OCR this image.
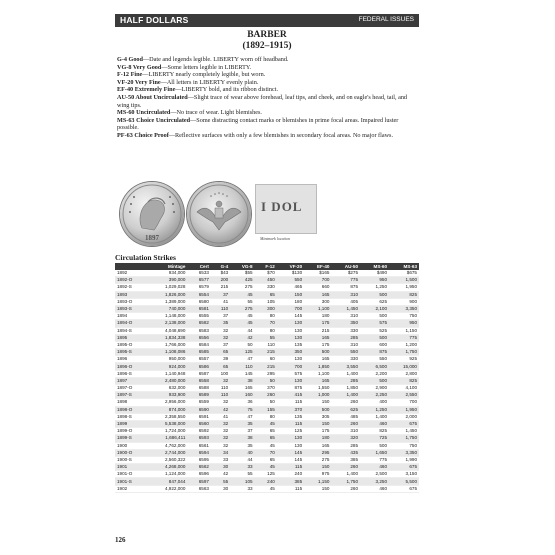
HALF DOLLARS	FEDERAL ISSUES
BARBER
(1892–1915)

G-4 Good—Date and legends legible. LIBERTY worn off headband.

VG-8 Very Good—Some letters legible in LIBERTY.

F-12 Fine—LIBERTY nearly completely legible, but worn.

VF-20 Very Fine—All letters in LIBERTY evenly plain.

EF-40 Extremely Fine—LIBERTY bold, and its ribbon distinct.

AU-50 About Uncirculated—Slight trace of wear above forehead, leaf tips, and cheek, and on eagle's head, tail, and wing tips.

MS-60 Uncirculated—No trace of wear. Light blemishes.

MS-63 Choice Uncirculated—Some distracting contact marks or blemishes in prime focal areas. Impaired luster possible.

PF-63 Choice Proof—Reflective surfaces with only a few blemishes in secondary focal areas. No major flaws.

1897
I DOL
Mintmark location
Circulation Strikes
	Mintage	Cert	G-4	VG-8	F-12	VF-20	EF-40	AU-50	MS-60	MS-63
1892	934,000	6533	$43	$55	$70	$130	$165	$275	$490	$675
1892-O	390,000	6577	200	425	450	550	700	775	950	1,500
1892-S	1,029,028	6579	215	275	330	465	660	875	1,250	1,950
1893	1,826,000	6554	37	45	65	150	165	310	500	825
1893-O	1,389,000	6580	41	55	105	180	300	405	625	900
1893-S	740,000	6581	110	275	300	700	1,100	1,450	2,100	3,350
1894	1,148,000	6555	37	45	80	145	180	310	500	750
1894-O	2,138,000	6582	35	45	70	130	175	350	575	950
1894-S	4,048,690	6583	32	44	80	130	215	330	525	1,150
1895	1,834,338	6556	32	42	55	130	165	285	500	775
1895-O	1,766,000	6584	37	50	110	135	175	310	600	1,200
1895-S	1,108,086	6585	65	125	215	350	500	550	875	1,750
1896	950,000	6557	39	47	60	130	165	330	550	925
1896-O	924,000	6586	65	110	215	700	1,850	3,550	6,500	15,000
1896-S	1,140,948	6587	100	145	295	575	1,100	1,400	2,200	2,800
1897	2,480,000	6558	32	38	50	130	165	285	500	825
1897-O	632,000	6588	110	165	370	875	1,550	1,850	2,900	4,100
1897-S	933,900	6589	110	160	260	415	1,000	1,400	2,250	2,550
1898	2,956,000	6559	32	36	50	115	150	260	400	700
1898-O	874,000	6590	42	75	155	370	500	625	1,250	1,950
1898-S	2,358,550	6591	41	47	80	135	305	485	1,400	2,000
1899	5,538,000	6560	32	35	45	115	150	260	460	675
1899-O	1,724,000	6592	32	37	65	125	175	310	825	1,450
1899-S	1,686,411	6593	32	38	65	130	180	320	725	1,750
1900	4,762,000	6561	32	35	45	130	165	285	500	750
1900-O	2,744,000	6594	34	40	70	145	295	435	1,650	3,350
1900-S	2,560,322	6595	33	44	65	145	275	385	775	1,990
1901	4,268,000	6562	30	33	45	115	150	260	460	675
1901-O	1,124,000	6596	42	55	125	240	975	1,400	2,500	3,150
1901-S	847,044	6597	55	105	240	385	1,150	1,750	3,250	5,500
1902	4,922,000	6563	30	33	45	115	150	260	460	675
126
